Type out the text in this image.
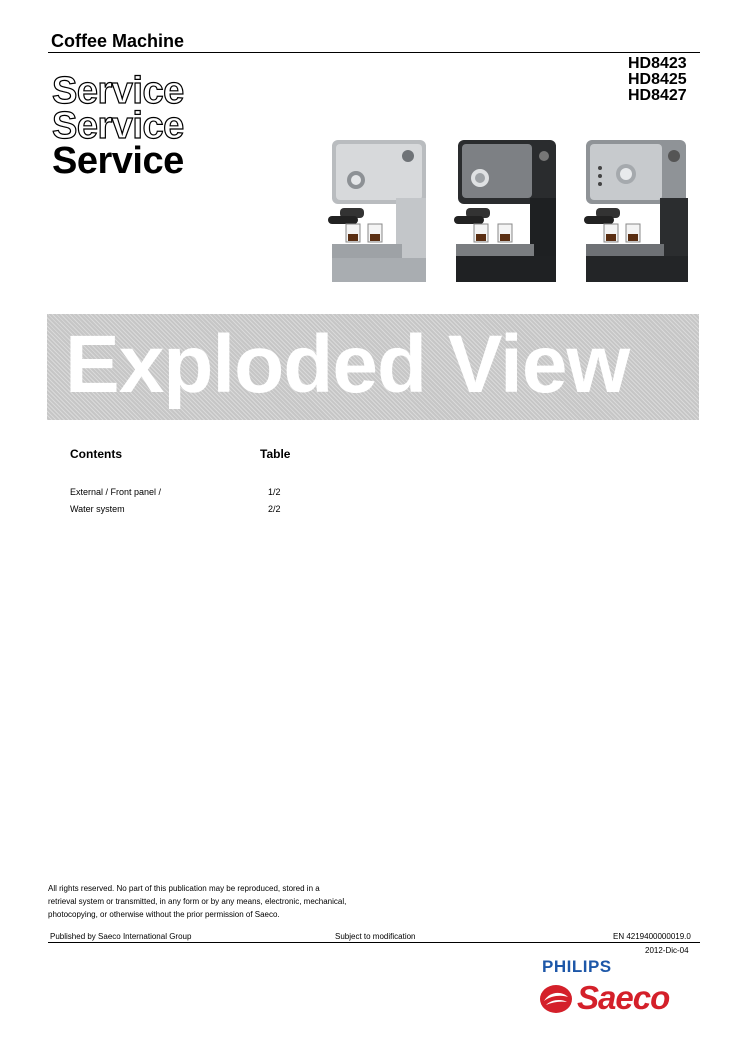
Coffee Machine
HD8423
HD8425
HD8427
Service
Service
Service
Exploded View
Contents	Table
External / Front panel /	1/2
Water system	2/2
All rights reserved. No part of this publication may be reproduced, stored in a
retrieval system or transmitted, in any form or by any means, electronic, mechanical,
photocopying, or otherwise without the prior permission of Saeco.
Published by Saeco International Group	Subject to modification	EN 4219400000019.0
2012-Dic-04
PHILIPS
Saeco
